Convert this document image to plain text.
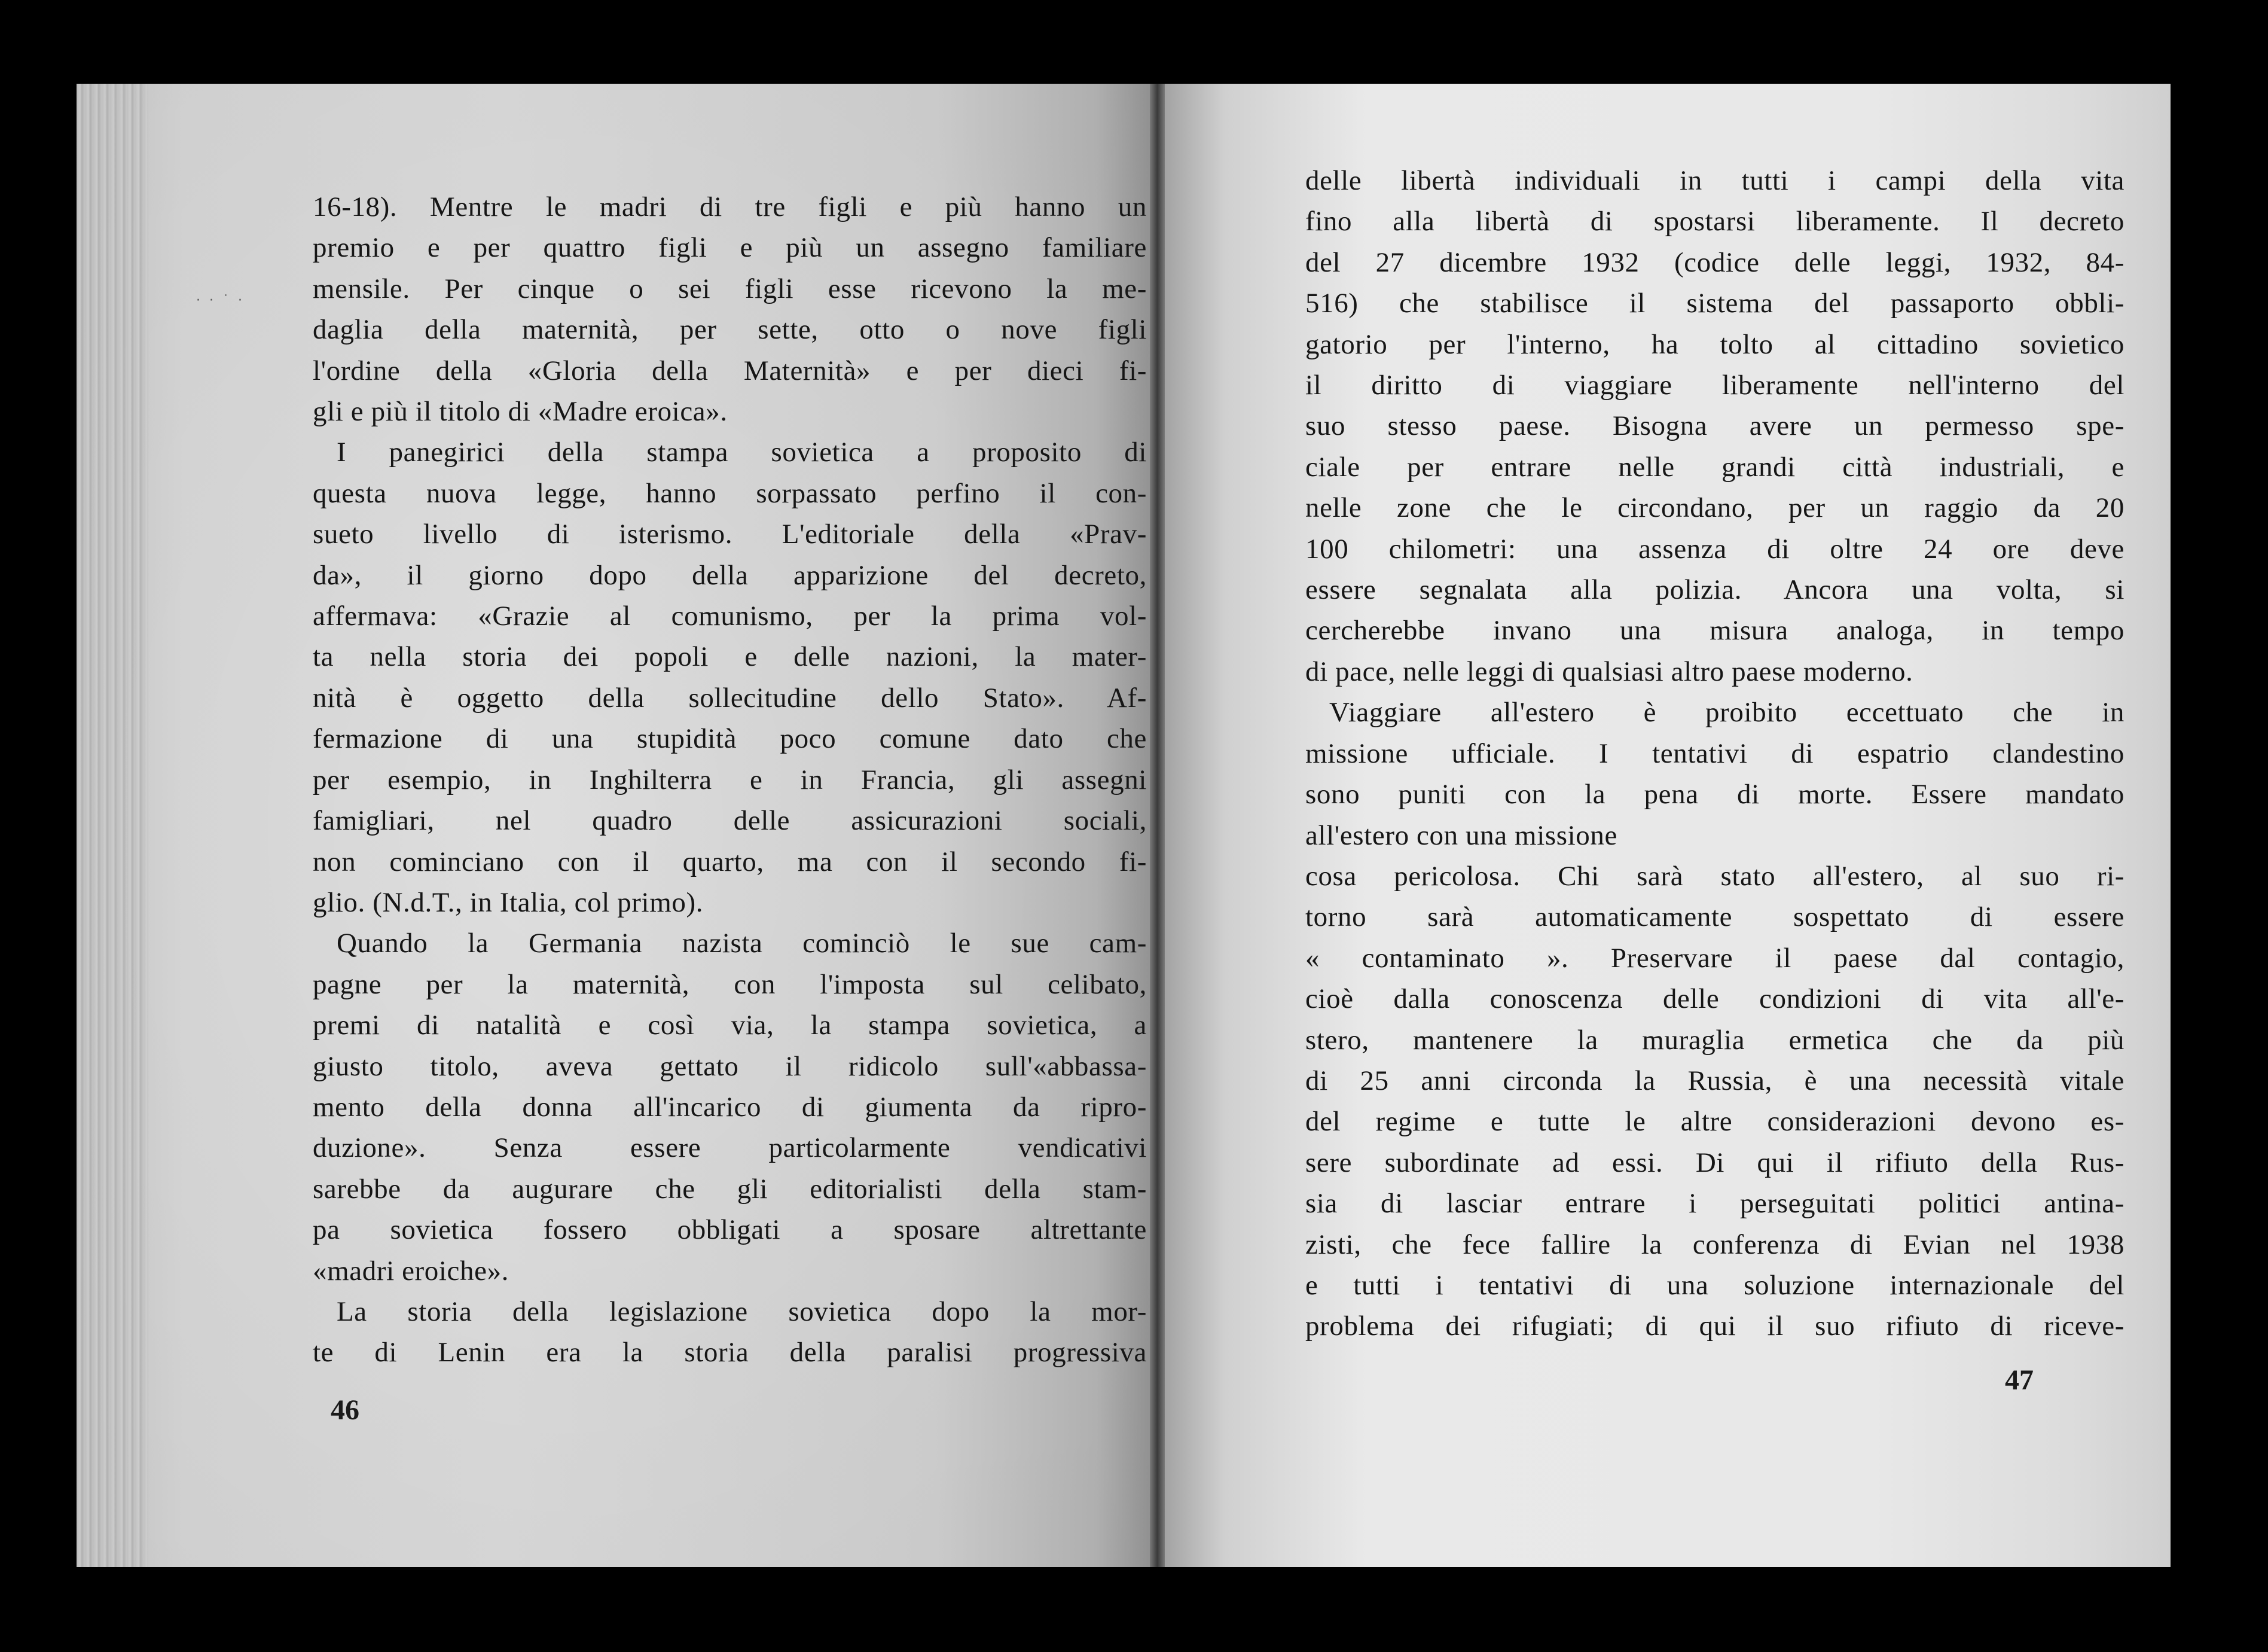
· · ˙ ·
16-18). Mentre le madri di tre figli e più hanno un
premio e per quattro figli e più un assegno familiare
mensile. Per cinque o sei figli esse ricevono la me-
daglia della maternità, per sette, otto o nove figli
l'ordine della «Gloria della Maternità» e per dieci fi-
gli e più il titolo di «Madre eroica».
I panegirici della stampa sovietica a proposito di
questa nuova legge, hanno sorpassato perfino il con-
sueto livello di isterismo. L'editoriale della «Prav-
da», il giorno dopo della apparizione del decreto,
affermava: «Grazie al comunismo, per la prima vol-
ta nella storia dei popoli e delle nazioni, la mater-
nità è oggetto della sollecitudine dello Stato». Af-
fermazione di una stupidità poco comune dato che
per esempio, in Inghilterra e in Francia, gli assegni
famigliari, nel quadro delle assicurazioni sociali,
non cominciano con il quarto, ma con il secondo fi-
glio. (N.d.T., in Italia, col primo).
Quando la Germania nazista cominciò le sue cam-
pagne per la maternità, con l'imposta sul celibato,
premi di natalità e così via, la stampa sovietica, a
giusto titolo, aveva gettato il ridicolo sull'«abbassa-
mento della donna all'incarico di giumenta da ripro-
duzione». Senza essere particolarmente vendicativi
sarebbe da augurare che gli editorialisti della stam-
pa sovietica fossero obbligati a sposare altrettante
«madri eroiche».
La storia della legislazione sovietica dopo la mor-
te di Lenin era la storia della paralisi progressiva
46
delle libertà individuali in tutti i campi della vita
fino alla libertà di spostarsi liberamente. Il decreto
del 27 dicembre 1932 (codice delle leggi, 1932, 84-
516) che stabilisce il sistema del passaporto obbli-
gatorio per l'interno, ha tolto al cittadino sovietico
il diritto di viaggiare liberamente nell'interno del
suo stesso paese. Bisogna avere un permesso spe-
ciale per entrare nelle grandi città industriali, e
nelle zone che le circondano, per un raggio da 20
100 chilometri: una assenza di oltre 24 ore deve
essere segnalata alla polizia. Ancora una volta, si
cercherebbe invano una misura analoga, in tempo
di pace, nelle leggi di qualsiasi altro paese moderno.
Viaggiare all'estero è proibito eccettuato che in
missione ufficiale. I tentativi di espatrio clandestino
sono puniti con la pena di morte. Essere mandato
all'estero con una missione
cosa pericolosa. Chi sarà stato all'estero, al suo ri-
torno sarà automaticamente sospettato di essere
« contaminato ». Preservare il paese dal contagio,
cioè dalla conoscenza delle condizioni di vita all'e-
stero, mantenere la muraglia ermetica che da più
di 25 anni circonda la Russia, è una necessità vitale
del regime e tutte le altre considerazioni devono es-
sere subordinate ad essi. Di qui il rifiuto della Rus-
sia di lasciar entrare i perseguitati politici antina-
zisti, che fece fallire la conferenza di Evian nel 1938
e tutti i tentativi di una soluzione internazionale del
problema dei rifugiati; di qui il suo rifiuto di riceve-
47
